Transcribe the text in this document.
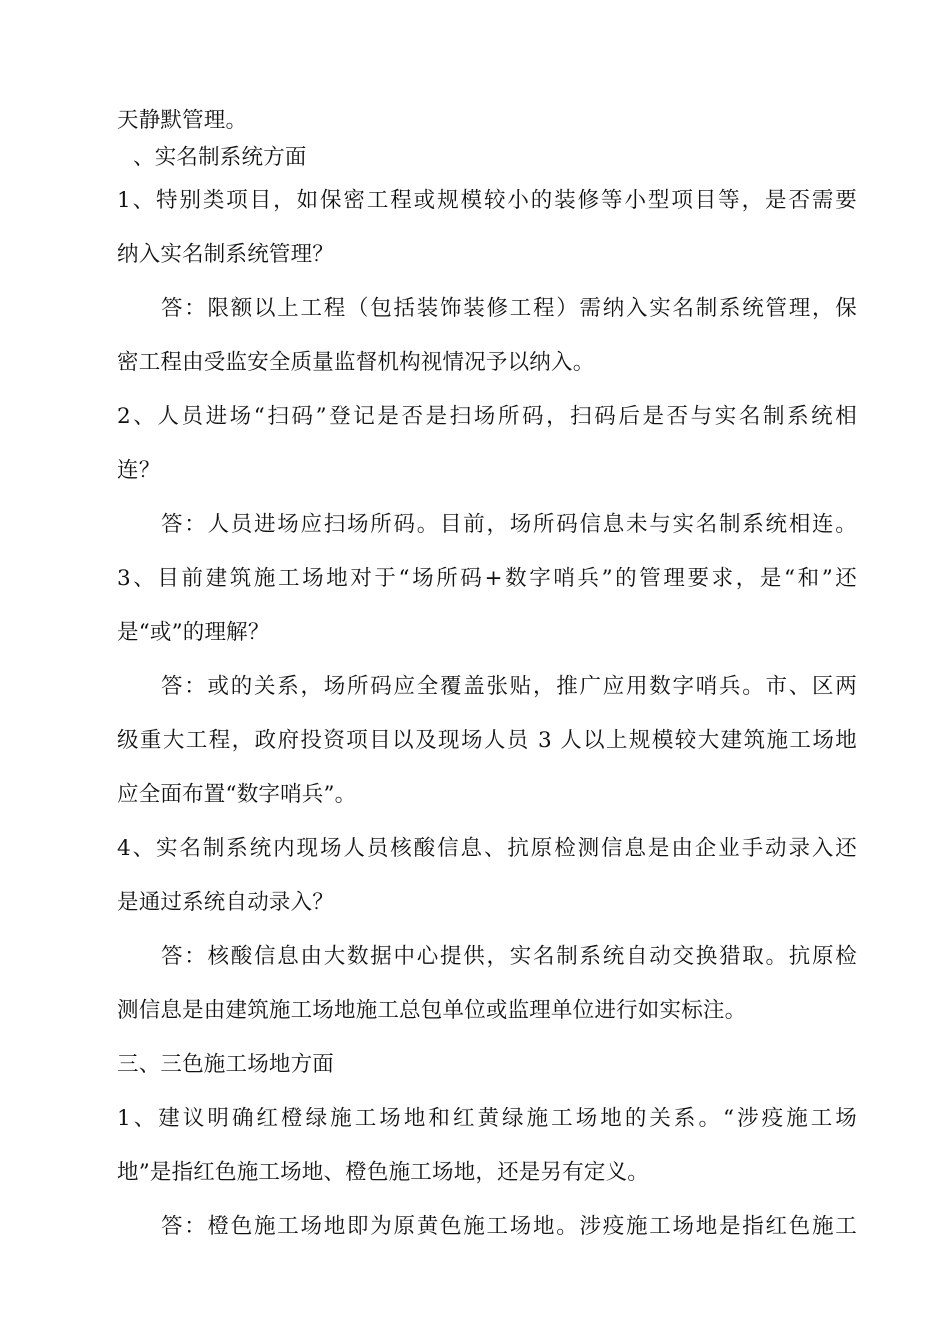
天静默管理。
、实名制系统方面
1、特别类项目，如保密工程或规模较小的装修等小型项目等，是否需要
纳入实名制系统管理？
答：限额以上工程（包括装饰装修工程）需纳入实名制系统管理，保
密工程由受监安全质量监督机构视情况予以纳入。
2、人员进场“扫码”登记是否是扫场所码，扫码后是否与实名制系统相
连？
答：人员进场应扫场所码。目前，场所码信息未与实名制系统相连。
3、目前建筑施工场地对于“场所码+数字哨兵”的管理要求，是“和”还
是“或”的理解？
答：或的关系，场所码应全覆盖张贴，推广应用数字哨兵。市、区两
级重大工程，政府投资项目以及现场人员 3 人以上规模较大建筑施工场地
应全面布置“数字哨兵”。
4、实名制系统内现场人员核酸信息、抗原检测信息是由企业手动录入还
是通过系统自动录入？
答：核酸信息由大数据中心提供，实名制系统自动交换猎取。抗原检
测信息是由建筑施工场地施工总包单位或监理单位进行如实标注。
三、三色施工场地方面
1、建议明确红橙绿施工场地和红黄绿施工场地的关系。“涉疫施工场
地”是指红色施工场地、橙色施工场地，还是另有定义。
答：橙色施工场地即为原黄色施工场地。涉疫施工场地是指红色施工
